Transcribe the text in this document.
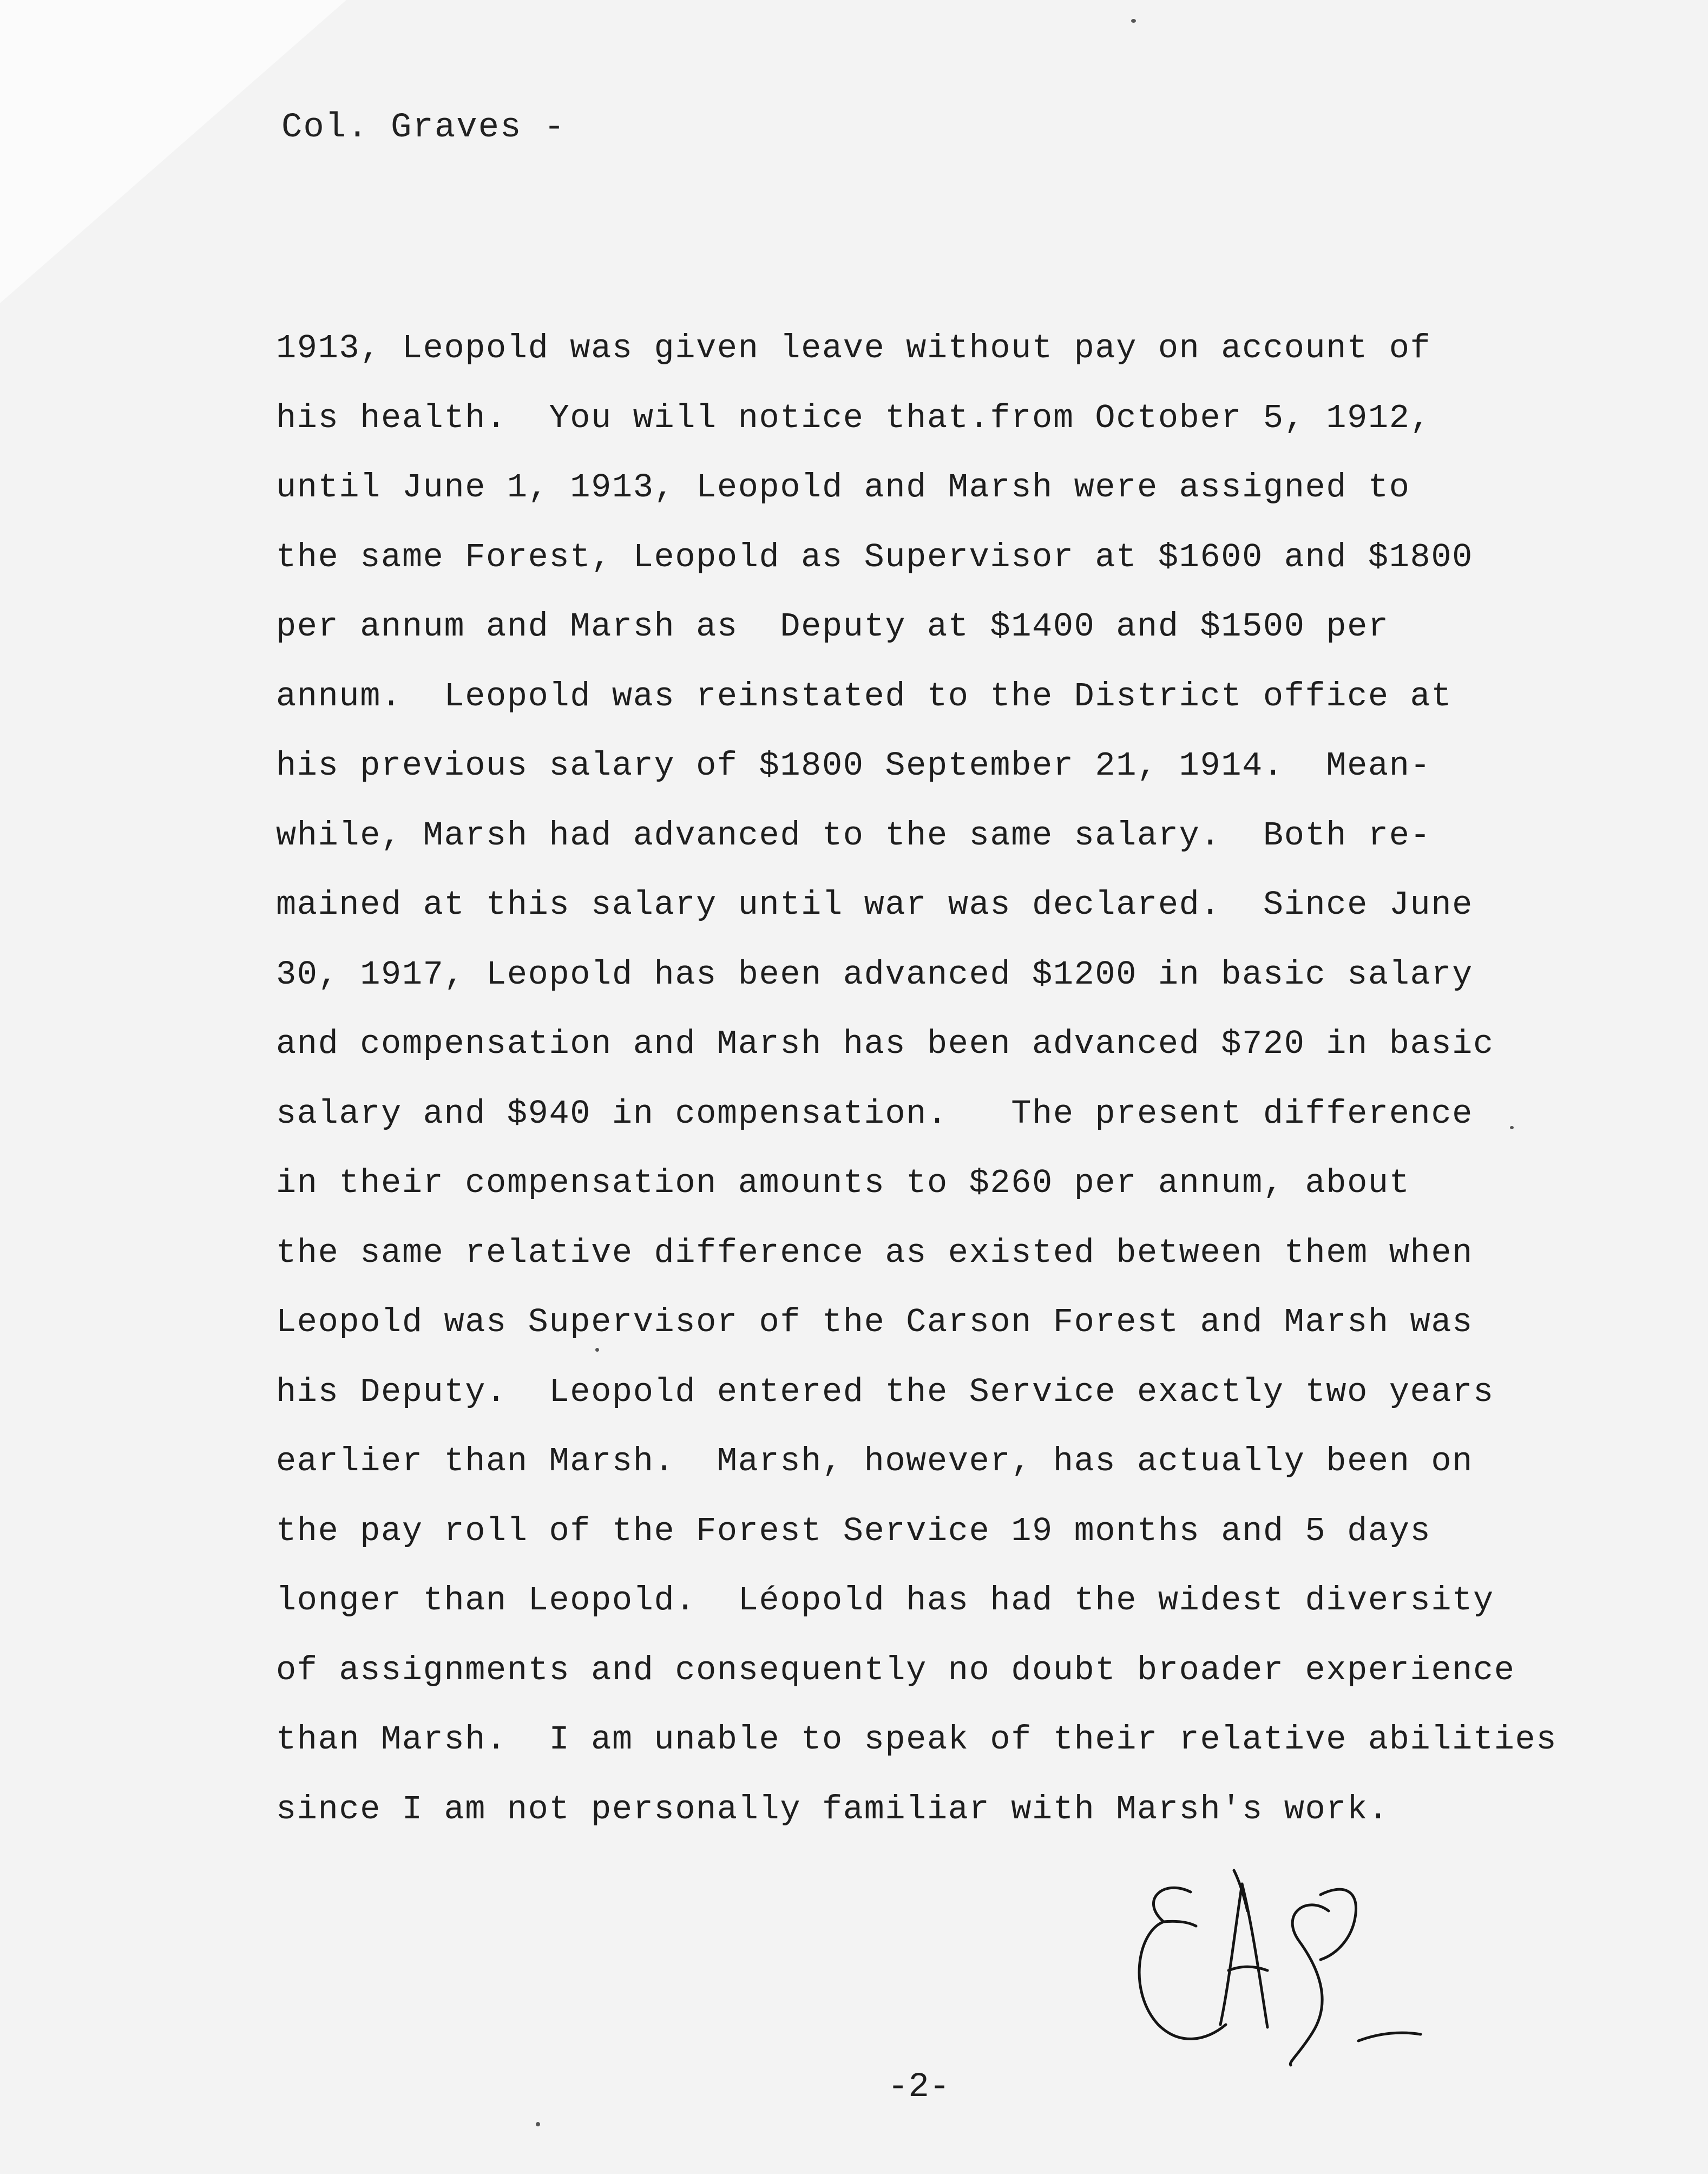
Col. Graves -

1913, Leopold was given leave without pay on account of
his health.  You will notice that.from October 5, 1912,
until June 1, 1913, Leopold and Marsh were assigned to
the same Forest, Leopold as Supervisor at $1600 and $1800
per annum and Marsh as  Deputy at $1400 and $1500 per
annum.  Leopold was reinstated to the District office at
his previous salary of $1800 September 21, 1914.  Mean-
while, Marsh had advanced to the same salary.  Both re-
mained at this salary until war was declared.  Since June
30, 1917, Leopold has been advanced $1200 in basic salary
and compensation and Marsh has been advanced $720 in basic
salary and $940 in compensation.   The present difference
in their compensation amounts to $260 per annum, about
the same relative difference as existed between them when
Leopold was Supervisor of the Carson Forest and Marsh was
his Deputy.  Leopold entered the Service exactly two years
earlier than Marsh.  Marsh, however, has actually been on
the pay roll of the Forest Service 19 months and 5 days
longer than Leopold.  Léopold has had the widest diversity
of assignments and consequently no doubt broader experience
than Marsh.  I am unable to speak of their relative abilities
since I am not personally familiar with Marsh's work.

-2-
